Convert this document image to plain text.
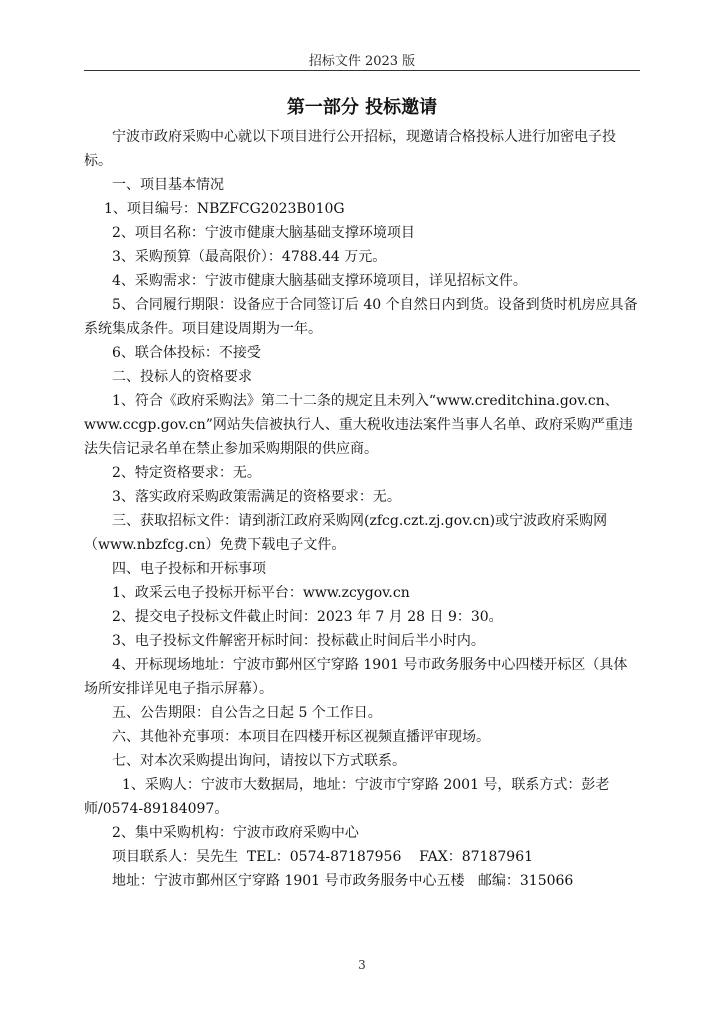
招标文件 2023 版
第一部分 投标邀请

宁波市政府采购中心就以下项目进行公开招标，现邀请合格投标人进行加密电子投标。

一、项目基本情况

1、项目编号：NBZFCG2023B010G

2、项目名称：宁波市健康大脑基础支撑环境项目

3、采购预算（最高限价）：4788.44 万元。

4、采购需求：宁波市健康大脑基础支撑环境项目，详见招标文件。

5、合同履行期限：设备应于合同签订后 40 个自然日内到货。设备到货时机房应具备系统集成条件。项目建设周期为一年。

6、联合体投标：不接受

二、投标人的资格要求

1、符合《政府采购法》第二十二条的规定且未列入“www.creditchina.gov.cn、www.ccgp.gov.cn”网站失信被执行人、重大税收违法案件当事人名单、政府采购严重违法失信记录名单在禁止参加采购期限的供应商。

2、特定资格要求：无。

3、落实政府采购政策需满足的资格要求：无。

三、获取招标文件：请到浙江政府采购网(zfcg.czt.zj.gov.cn)或宁波政府采购网（www.nbzfcg.cn）免费下载电子文件。

四、电子投标和开标事项

1、政采云电子投标开标平台：www.zcygov.cn

2、提交电子投标文件截止时间：2023 年 7 月 28 日 9：30。

3、电子投标文件解密开标时间：投标截止时间后半小时内。

4、开标现场地址：宁波市鄞州区宁穿路 1901 号市政务服务中心四楼开标区（具体场所安排详见电子指示屏幕）。

五、公告期限：自公告之日起 5 个工作日。

六、其他补充事项：本项目在四楼开标区视频直播评审现场。

七、对本次采购提出询问，请按以下方式联系。

1、采购人：宁波市大数据局，地址：宁波市宁穿路 2001 号，联系方式：彭老师/0574-89184097。

2、集中采购机构：宁波市政府采购中心

项目联系人：吴先生  TEL：0574-87187956    FAX：87187961

地址：宁波市鄞州区宁穿路 1901 号市政务服务中心五楼   邮编：315066

3
